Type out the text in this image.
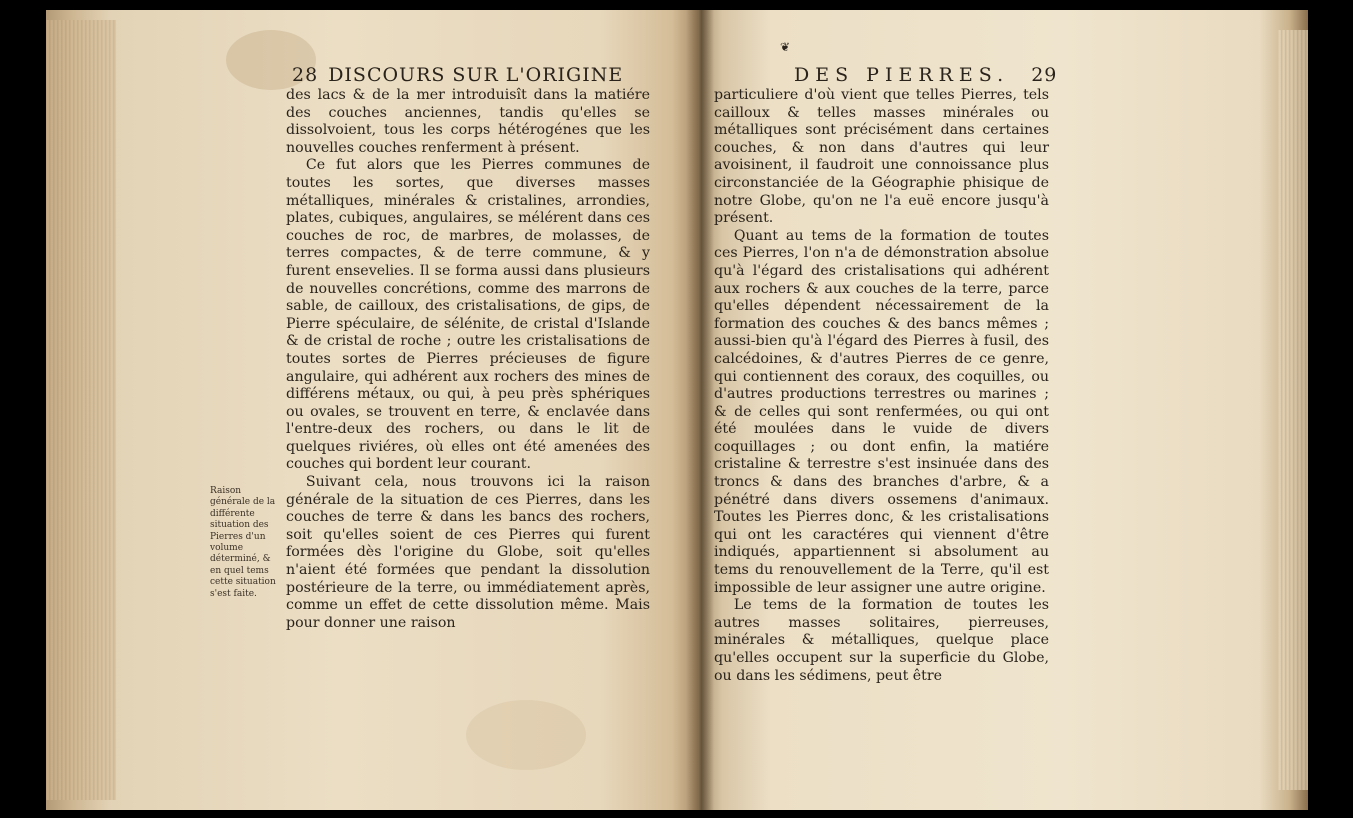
28 DISCOURS SUR L'ORIGINE

des lacs & de la mer introduisît dans la matiére des couches anciennes, tandis qu'elles se dissolvoient, tous les corps hétérogénes que les nouvelles couches renferment à présent.

Ce fut alors que les Pierres communes de toutes les sortes, que diverses masses métalliques, minérales & cristalines, arrondies, plates, cubiques, angulaires, se mélérent dans ces couches de roc, de marbres, de molasses, de terres compactes, & de terre commune, & y furent ensevelies. Il se forma aussi dans plusieurs de nouvelles concrétions, comme des marrons de sable, de cailloux, des cristalisations, de gips, de Pierre spéculaire, de sélénite, de cristal d'Islande & de cristal de roche ; outre les cristalisations de toutes sortes de Pierres précieuses de figure angulaire, qui adhérent aux rochers des mines de différens métaux, ou qui, à peu près sphériques ou ovales, se trouvent en terre, & enclavée dans l'entre-deux des rochers, ou dans le lit de quelques riviéres, où elles ont été amenées des couches qui bordent leur courant.

Suivant cela, nous trouvons ici la raison générale de la situation de ces Pierres, dans les couches de terre & dans les bancs des rochers, soit qu'elles soient de ces Pierres qui furent formées dès l'origine du Globe, soit qu'elles n'aient été formées que pendant la dissolution postérieure de la terre, ou immédiatement après, comme un effet de cette dissolution même. Mais pour donner une raison

Raison générale de la différente situation des Pierres d'un volume déterminé, & en quel tems cette situation s'est faite.
❦
DES PIERRES. 29

particuliere d'où vient que telles Pierres, tels cailloux & telles masses minérales ou métalliques sont précisément dans certaines couches, & non dans d'autres qui leur avoisinent, il faudroit une connoissance plus circonstanciée de la Géographie phisique de notre Globe, qu'on ne l'a euë encore jusqu'à présent.

Quant au tems de la formation de toutes ces Pierres, l'on n'a de démonstration absolue qu'à l'égard des cristalisations qui adhérent aux rochers & aux couches de la terre, parce qu'elles dépendent nécessairement de la formation des couches & des bancs mêmes ; aussi-bien qu'à l'égard des Pierres à fusil, des calcédoines, & d'autres Pierres de ce genre, qui contiennent des coraux, des coquilles, ou d'autres productions terrestres ou marines ; & de celles qui sont renfermées, ou qui ont été moulées dans le vuide de divers coquillages ; ou dont enfin, la matiére cristaline & terrestre s'est insinuée dans des troncs & dans des branches d'arbre, & a pénétré dans divers ossemens d'animaux. Toutes les Pierres donc, & les cristalisations qui ont les caractéres qui viennent d'être indiqués, appartiennent si absolument au tems du renouvellement de la Terre, qu'il est impossible de leur assigner une autre origine.

Le tems de la formation de toutes les autres masses solitaires, pierreuses, minérales & métalliques, quelque place qu'elles occupent sur la superficie du Globe, ou dans les sédimens, peut être
